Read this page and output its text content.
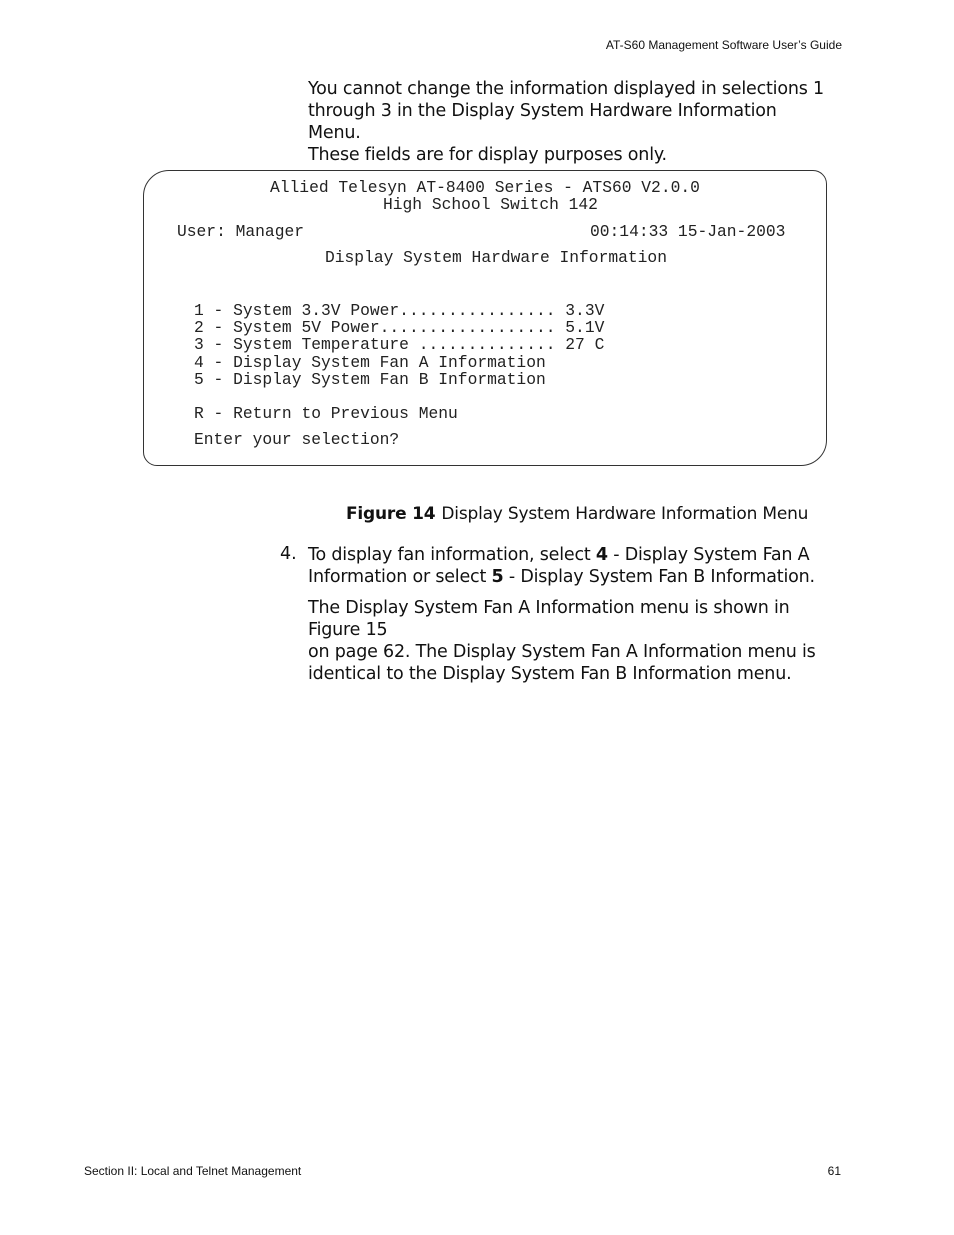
AT-S60 Management Software User’s Guide
You cannot change the information displayed in selections 1
through 3 in the Display System Hardware Information Menu.
These fields are for display purposes only.
Allied Telesyn AT-8400 Series - ATS60 V2.0.0
High School Switch 142
User: Manager	00:14:33 15-Jan-2003
Display System Hardware Information
1 - System 3.3V Power................ 3.3V
2 - System 5V Power.................. 5.1V
3 - System Temperature .............. 27 C
4 - Display System Fan A Information
5 - Display System Fan B Information
R - Return to Previous Menu
Enter your selection?
Figure 14 Display System Hardware Information Menu
4. To display fan information, select 4 - Display System Fan A
Information or select 5 - Display System Fan B Information.
The Display System Fan A Information menu is shown in Figure 15
on page 62. The Display System Fan A Information menu is
identical to the Display System Fan B Information menu.
Section II: Local and Telnet Management	61
